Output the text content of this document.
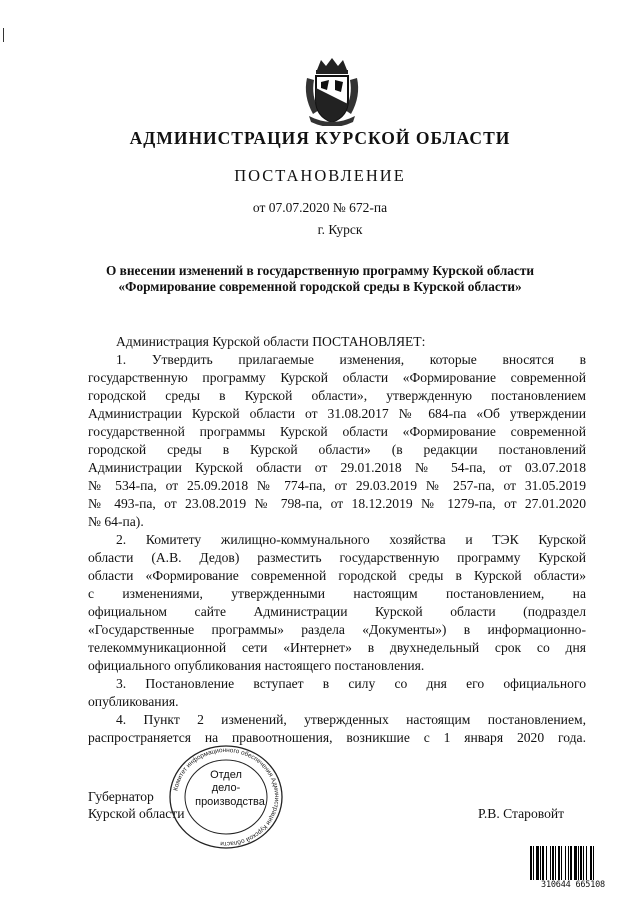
АДМИНИСТРАЦИЯ КУРСКОЙ ОБЛАСТИ
ПОСТАНОВЛЕНИЕ
от 07.07.2020 № 672-па
г. Курск
О внесении изменений в государственную программу Курской области
«Формирование современной городской среды в Курской области»
Администрация Курской области ПОСТАНОВЛЯЕТ:
1. Утвердить прилагаемые изменения, которые вносятся в
государственную программу Курской области «Формирование современной
городской среды в Курской области», утвержденную постановлением
Администрации Курской области от 31.08.2017 № 684-па «Об утверждении
государственной программы Курской области «Формирование современной
городской среды в Курской области» (в редакции постановлений
Администрации Курской области от 29.01.2018 № 54-па, от 03.07.2018
№ 534-па, от 25.09.2018 № 774-па, от 29.03.2019 № 257-па, от 31.05.2019
№ 493-па, от 23.08.2019 № 798-па, от 18.12.2019 № 1279-па, от 27.01.2020
№ 64-па).
2. Комитету жилищно-коммунального хозяйства и ТЭК Курской
области (А.В. Дедов) разместить государственную программу Курской
области «Формирование современной городской среды в Курской области»
с изменениями, утвержденными настоящим постановлением, на
официальном сайте Администрации Курской области (подраздел
«Государственные программы» раздела «Документы») в информационно-
телекоммуникационной сети «Интернет» в двухнедельный срок со дня
официального опубликования настоящего постановления.
3. Постановление вступает в силу со дня его официального
опубликования.
4. Пункт 2 изменений, утвержденных настоящим постановлением,
распространяется на правоотношения, возникшие с 1 января 2020 года.
Губернатор
Курской области	Р.В. Старовойт
Комитет информационного обеспечения Администрации Курской области
Отдел
дело-
производства
310644 665108
